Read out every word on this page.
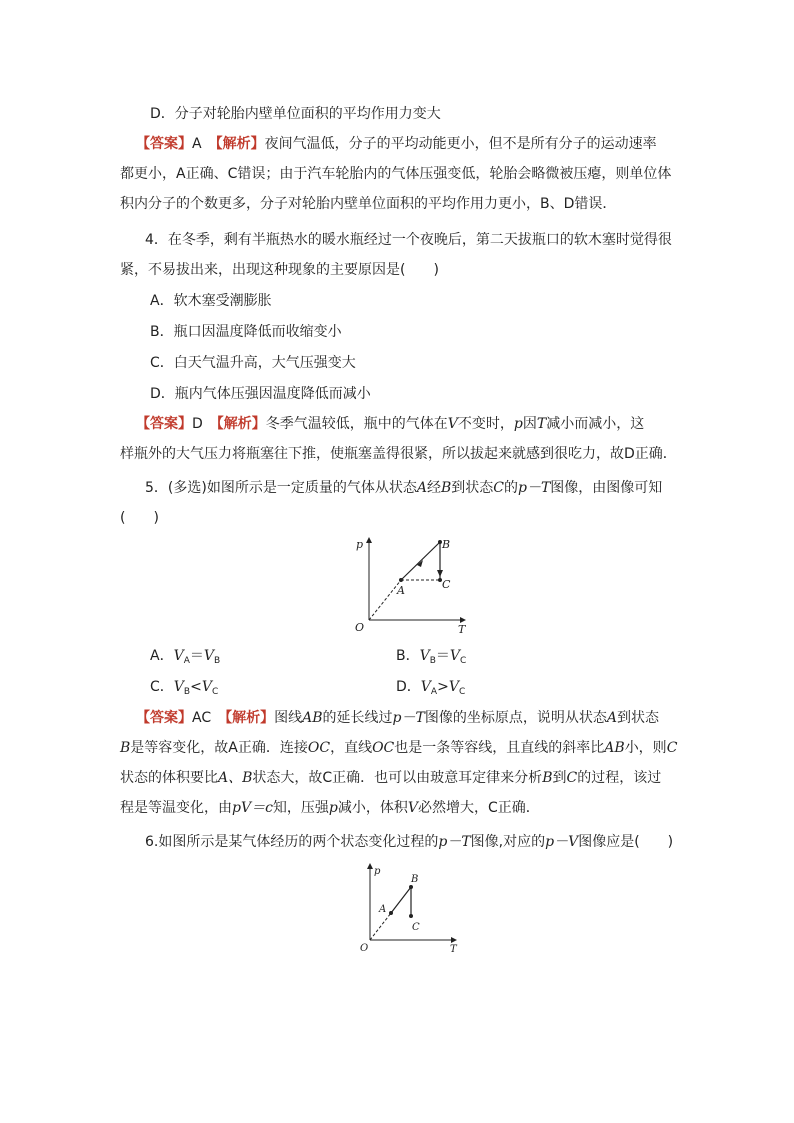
D．分子对轮胎内壁单位面积的平均作用力变大
【答案】A　 【解析】夜间气温低，分子的平均动能更小，但不是所有分子的运动速率
都更小，A正确、C错误；由于汽车轮胎内的气体压强变低，轮胎会略微被压瘪，则单位体
积内分子的个数更多，分子对轮胎内壁单位面积的平均作用力更小，B、D错误．
4．在冬季，剩有半瓶热水的暖水瓶经过一个夜晚后，第二天拔瓶口的软木塞时觉得很
紧，不易拔出来，出现这种现象的主要原因是(　　)
A．软木塞受潮膨胀
B．瓶口因温度降低而收缩变小
C．白天气温升高，大气压强变大
D．瓶内气体压强因温度降低而减小
【答案】D　 【解析】冬季气温较低，瓶中的气体在V不变时，p因T减小而减小，这
样瓶外的大气压力将瓶塞往下推，使瓶塞盖得很紧，所以拔起来就感到很吃力，故D正确．
5．(多选)如图所示是一定质量的气体从状态A经B到状态C的p－T图像，由图像可知
(　　)
p
T
O
A
B
C
A．$V_A=V_B$	B．$V_B=V_C$
C．$V_B<V_C$	D．$V_A>V_C$
【答案】AC　 【解析】图线AB的延长线过p－T图像的坐标原点，说明从状态A到状态
B是等容变化，故A正确．连接OC，直线OC也是一条等容线，且直线的斜率比AB小，则C
状态的体积要比A、B状态大，故C正确．也可以由玻意耳定律来分析B到C的过程，该过
程是等温变化，由pV＝c知，压强p减小，体积V必然增大，C正确．
6.如图所示是某气体经历的两个状态变化过程的p－T图像,对应的p－V图像应是(　　)
p
T
O
A
B
C
